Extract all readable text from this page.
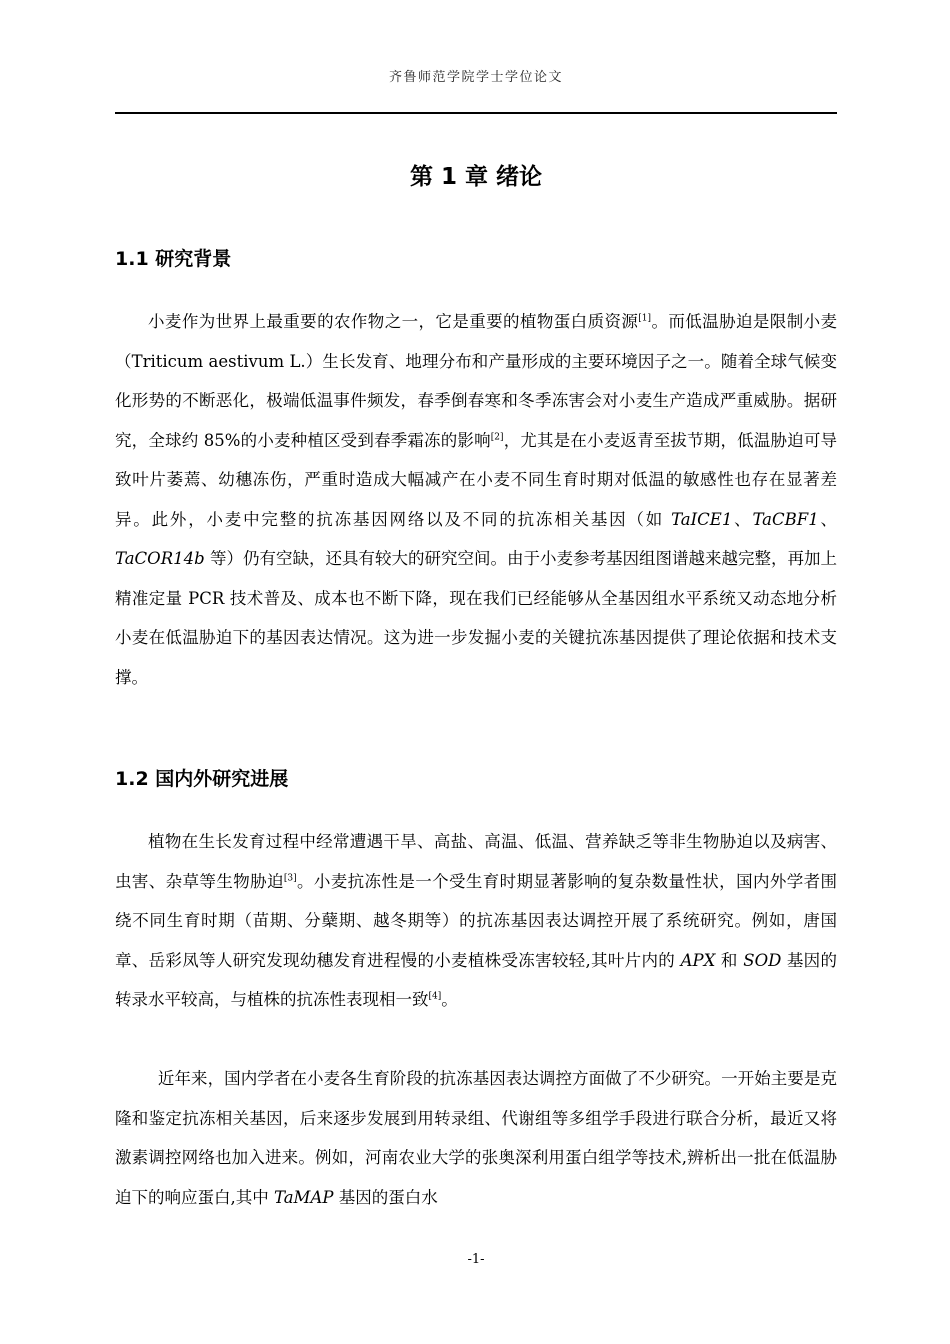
齐鲁师范学院学士学位论文
第 1 章 绪论
1.1 研究背景

小麦作为世界上最重要的农作物之一，它是重要的植物蛋白质资源[1]。而低温胁迫是限制小麦（Triticum aestivum L.）生长发育、地理分布和产量形成的主要环境因子之一。随着全球气候变化形势的不断恶化，极端低温事件频发，春季倒春寒和冬季冻害会对小麦生产造成严重威胁。据研究，全球约 85%的小麦种植区受到春季霜冻的影响[2]，尤其是在小麦返青至拔节期，低温胁迫可导致叶片萎蔫、幼穗冻伤，严重时造成大幅减产在小麦不同生育时期对低温的敏感性也存在显著差异。此外，小麦中完整的抗冻基因网络以及不同的抗冻相关基因（如 TaICE1、TaCBF1、TaCOR14b 等）仍有空缺，还具有较大的研究空间。由于小麦参考基因组图谱越来越完整，再加上精准定量 PCR 技术普及、成本也不断下降，现在我们已经能够从全基因组水平系统又动态地分析小麦在低温胁迫下的基因表达情况。这为进一步发掘小麦的关键抗冻基因提供了理论依据和技术支撑。

1.2 国内外研究进展

植物在生长发育过程中经常遭遇干旱、高盐、高温、低温、营养缺乏等非生物胁迫以及病害、虫害、杂草等生物胁迫[3]。小麦抗冻性是一个受生育时期显著影响的复杂数量性状，国内外学者围绕不同生育时期（苗期、分蘖期、越冬期等）的抗冻基因表达调控开展了系统研究。例如，唐国章、岳彩凤等人研究发现幼穗发育进程慢的小麦植株受冻害较轻,其叶片内的 APX 和 SOD 基因的转录水平较高，与植株的抗冻性表现相一致[4]。

近年来，国内学者在小麦各生育阶段的抗冻基因表达调控方面做了不少研究。一开始主要是克隆和鉴定抗冻相关基因，后来逐步发展到用转录组、代谢组等多组学手段进行联合分析，最近又将激素调控网络也加入进来。例如，河南农业大学的张奥深利用蛋白组学等技术,辨析出一批在低温胁迫下的响应蛋白,其中 TaMAP 基因的蛋白水

-1-
